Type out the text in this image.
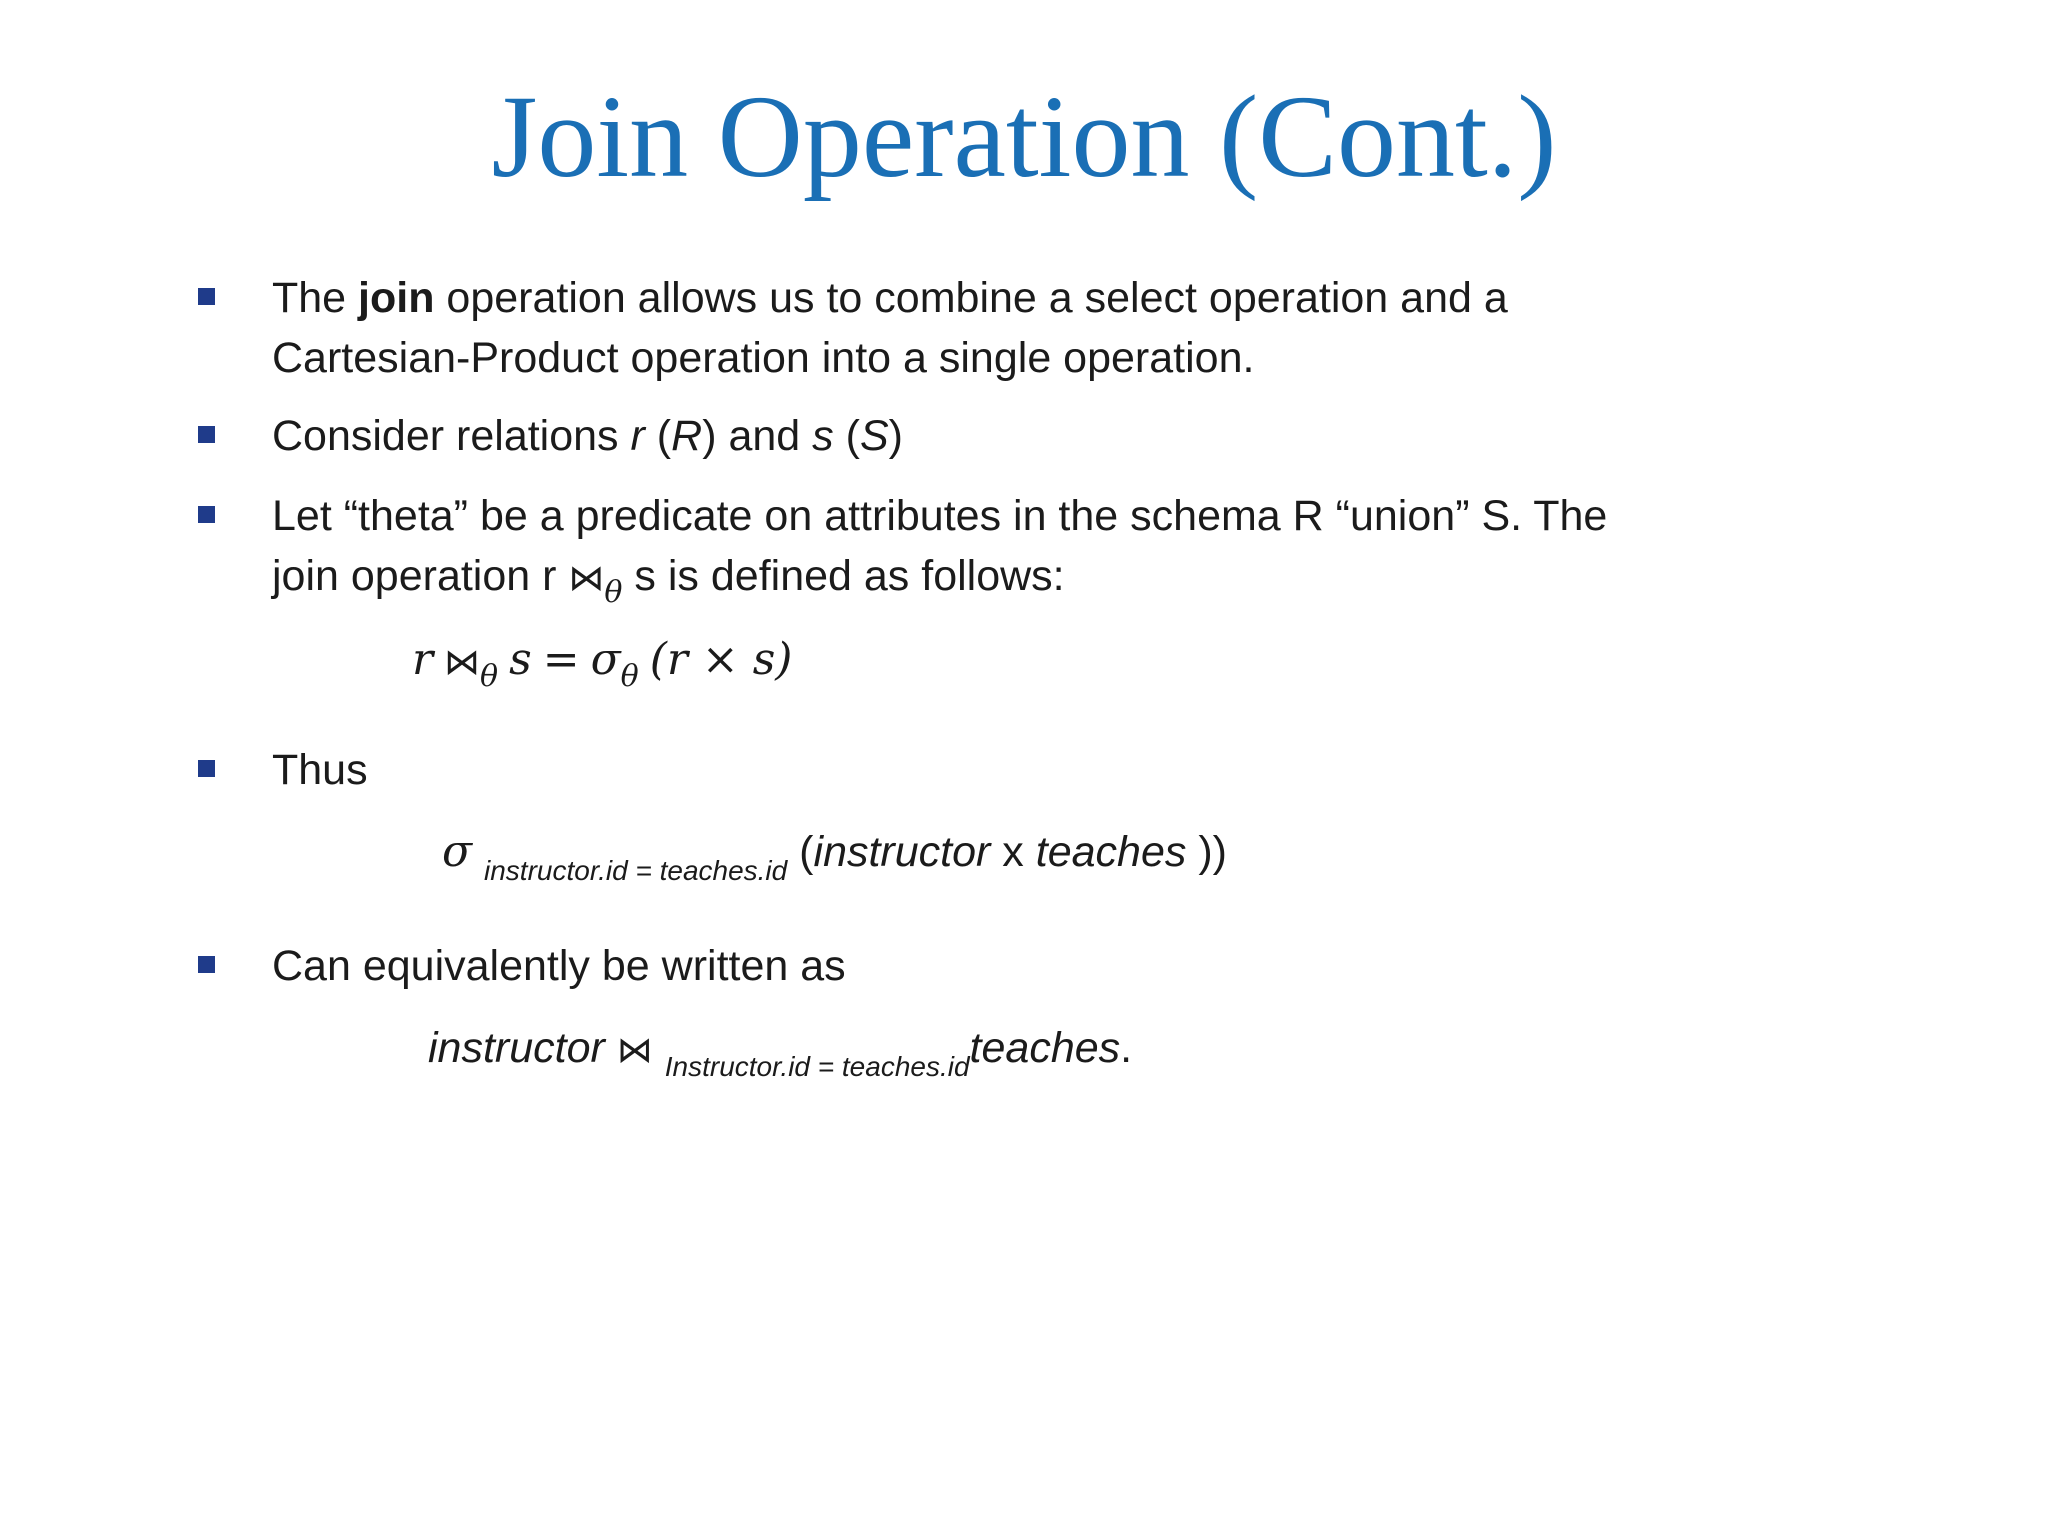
Join Operation (Cont.)
The join operation allows us to combine a select operation and a
Cartesian-Product operation into a single operation.
Consider relations r (R) and s (S)
Let “theta” be a predicate on attributes in the schema R “union” S. The
join operation r $⋈_\theta$ s is defined as follows:
r $⋈_\theta$ $s = \sigma_\theta$ (r × s)
Thus
σ $_{instructor.id = teaches.id}$ (instructor x teaches ))
Can equivalently be written as
instructor ⋈ $_{Instructor.id = teaches.id}$teaches.
